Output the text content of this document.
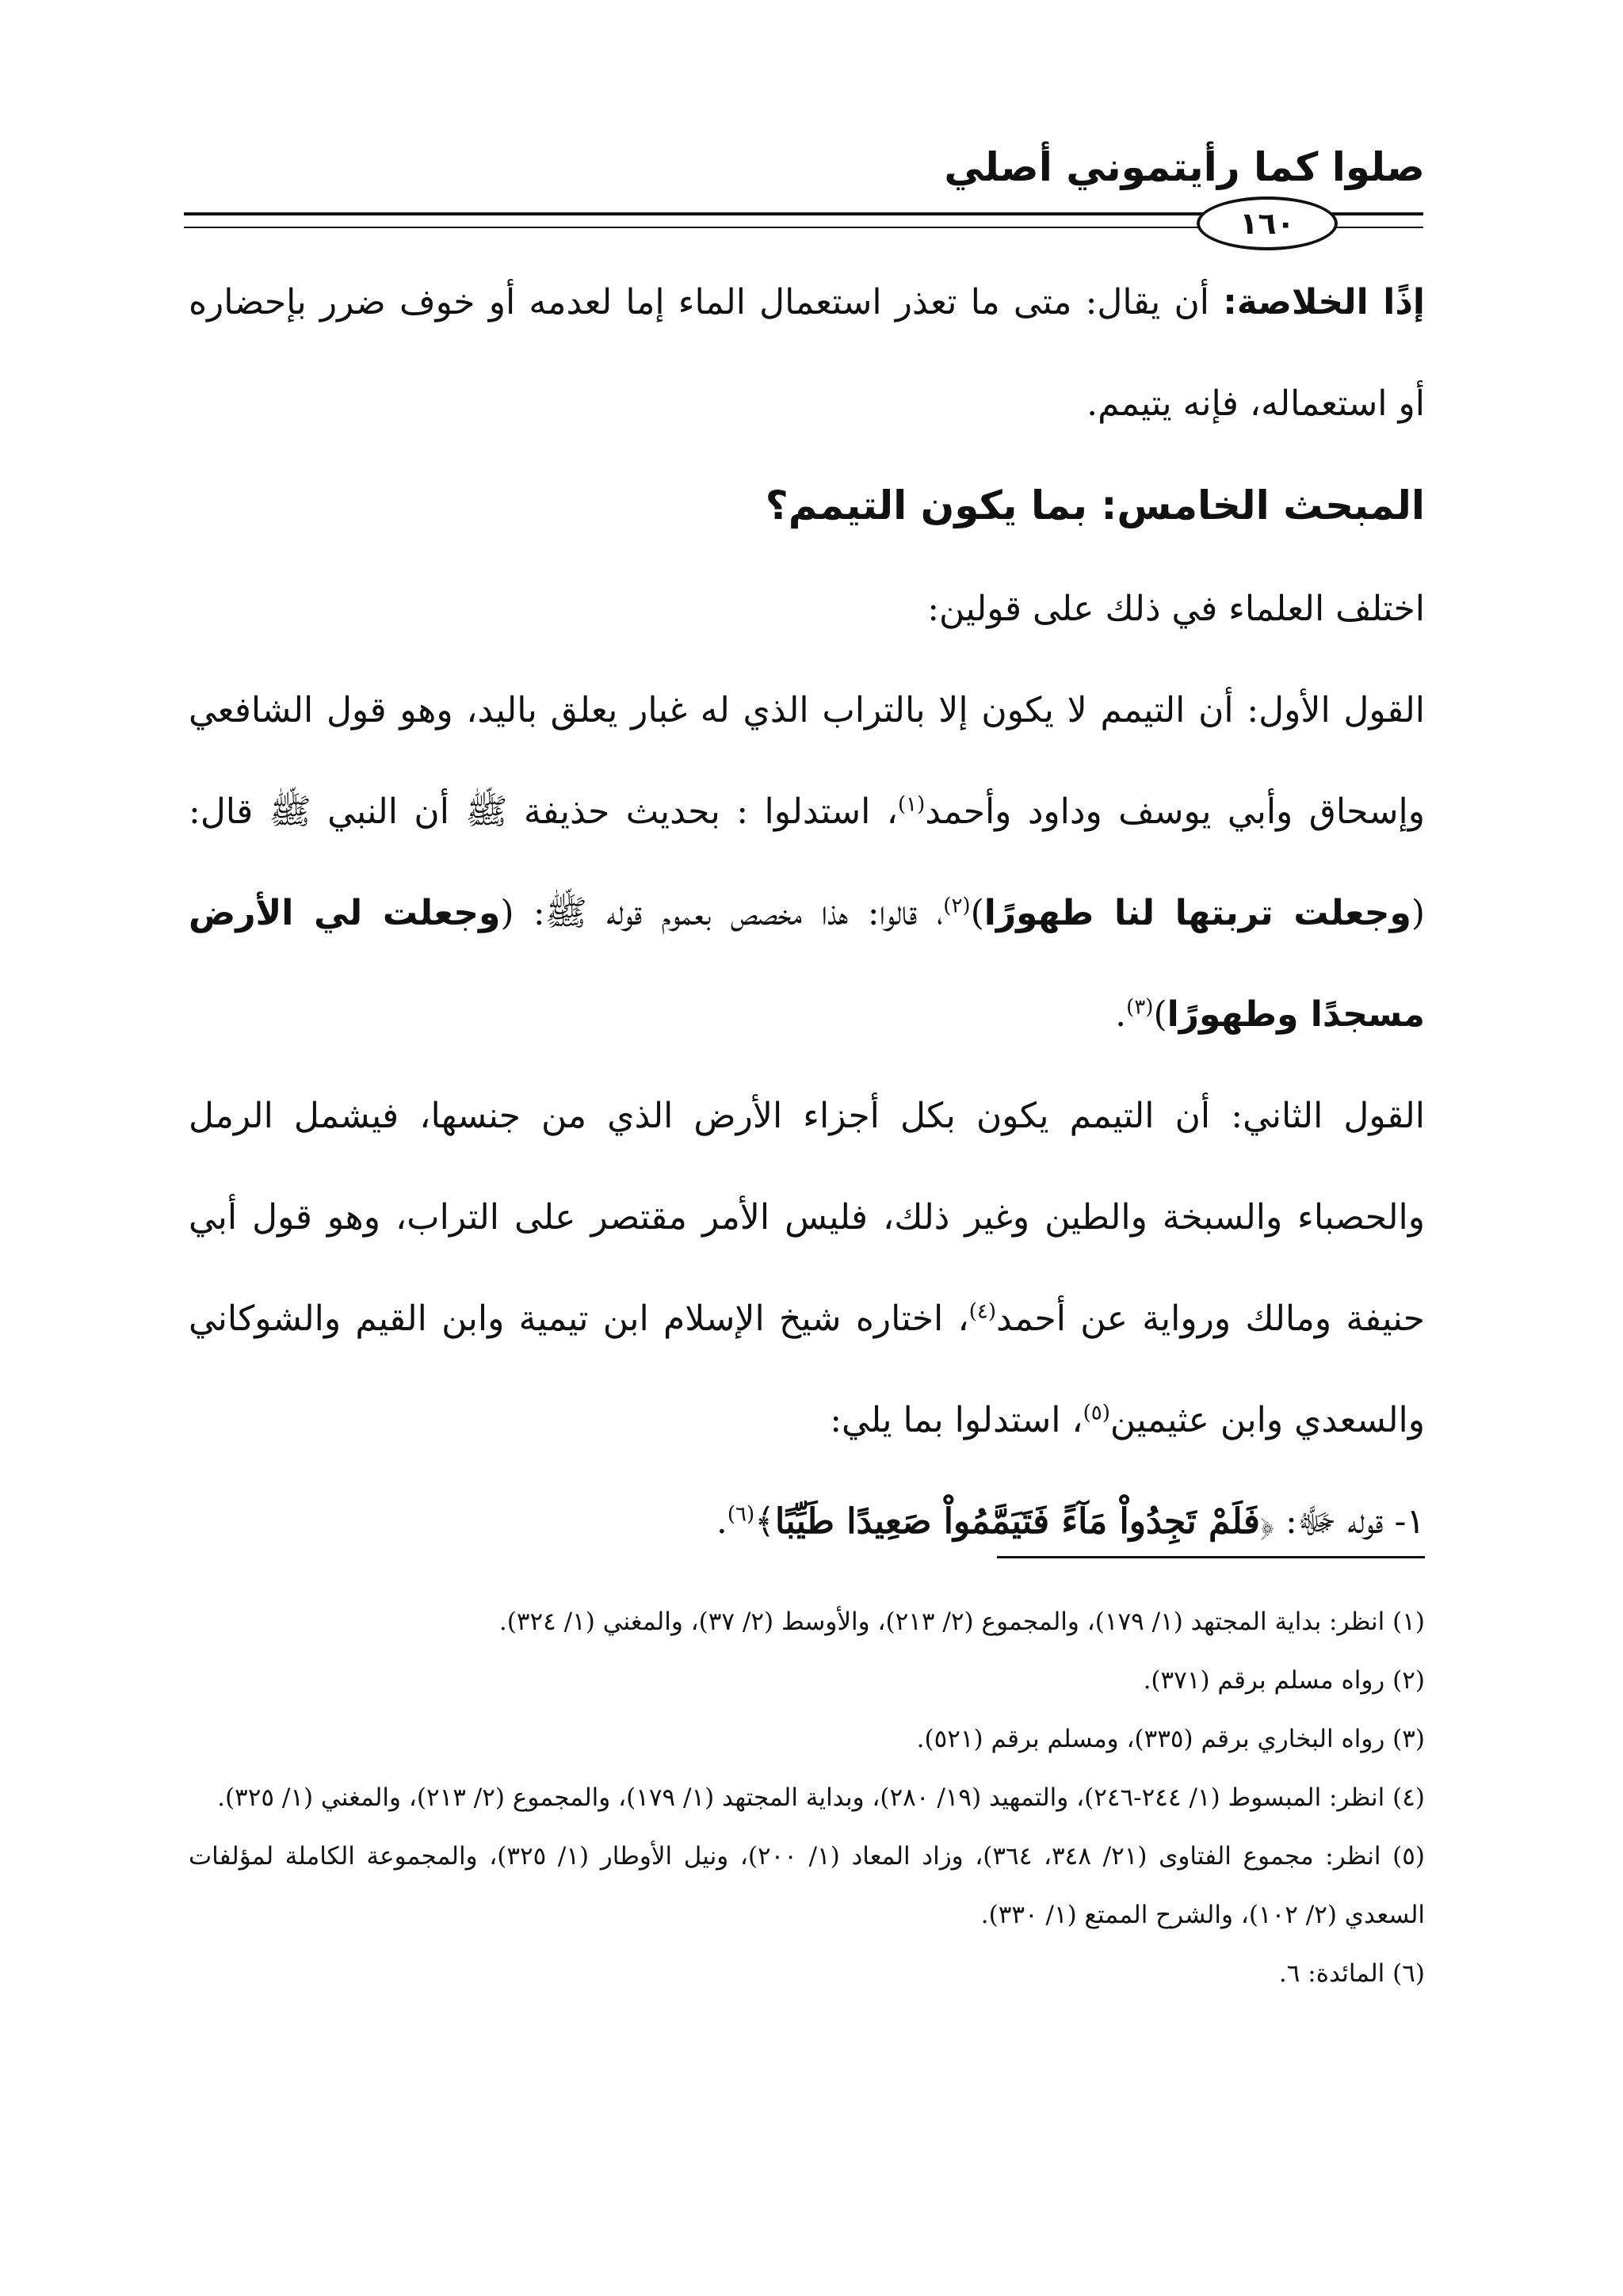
صلوا كما رأيتموني أصلي
١٦٠

إذًا الخلاصة: أن يقال: متى ما تعذر استعمال الماء إما لعدمه أو خوف ضرر بإحضاره أو استعماله، فإنه يتيمم.

المبحث الخامس: بما يكون التيمم؟

اختلف العلماء في ذلك على قولين:

القول الأول: أن التيمم لا يكون إلا بالتراب الذي له غبار يعلق باليد، وهو قول الشافعي وإسحاق وأبي يوسف وداود وأحمد$^{(١)}$، استدلوا : بحديث حذيفة ﷺ أن النبي ﷺ قال: (وجعلت تربتها لنا طهورًا)$^{(٢)}$، قالوا: هذا مخصص بعموم قوله ﷺ: (وجعلت لي الأرض مسجدًا وطهورًا)$^{(٣)}$.

القول الثاني: أن التيمم يكون بكل أجزاء الأرض الذي من جنسها، فيشمل الرمل والحصباء والسبخة والطين وغير ذلك، فليس الأمر مقتصر على التراب، وهو قول أبي حنيفة ومالك ورواية عن أحمد$^{(٤)}$، اختاره شيخ الإسلام ابن تيمية وابن القيم والشوكاني والسعدي وابن عثيمين$^{(٥)}$، استدلوا بما يلي:

١- قوله ﷻ: ﴿فَلَمْ تَجِدُواْ مَآءً فَتَيَمَّمُواْ صَعِيدًا طَيِّبًا﴾$^{(٦)}$.

(١) انظر: بداية المجتهد (١/ ١٧٩)، والمجموع (٢/ ٢١٣)، والأوسط (٢/ ٣٧)، والمغني (١/ ٣٢٤).

(٢) رواه مسلم برقم (٣٧١).

(٣) رواه البخاري برقم (٣٣٥)، ومسلم برقم (٥٢١).

(٤) انظر: المبسوط (١/ ٢٤٤-٢٤٦)، والتمهيد (١٩/ ٢٨٠)، وبداية المجتهد (١/ ١٧٩)، والمجموع (٢/ ٢١٣)، والمغني (١/ ٣٢٥).

(٥) انظر: مجموع الفتاوى (٢١/ ٣٤٨، ٣٦٤)، وزاد المعاد (١/ ٢٠٠)، ونيل الأوطار (١/ ٣٢٥)، والمجموعة الكاملة لمؤلفات السعدي (٢/ ١٠٢)، والشرح الممتع (١/ ٣٣٠).

(٦) المائدة: ٦.
